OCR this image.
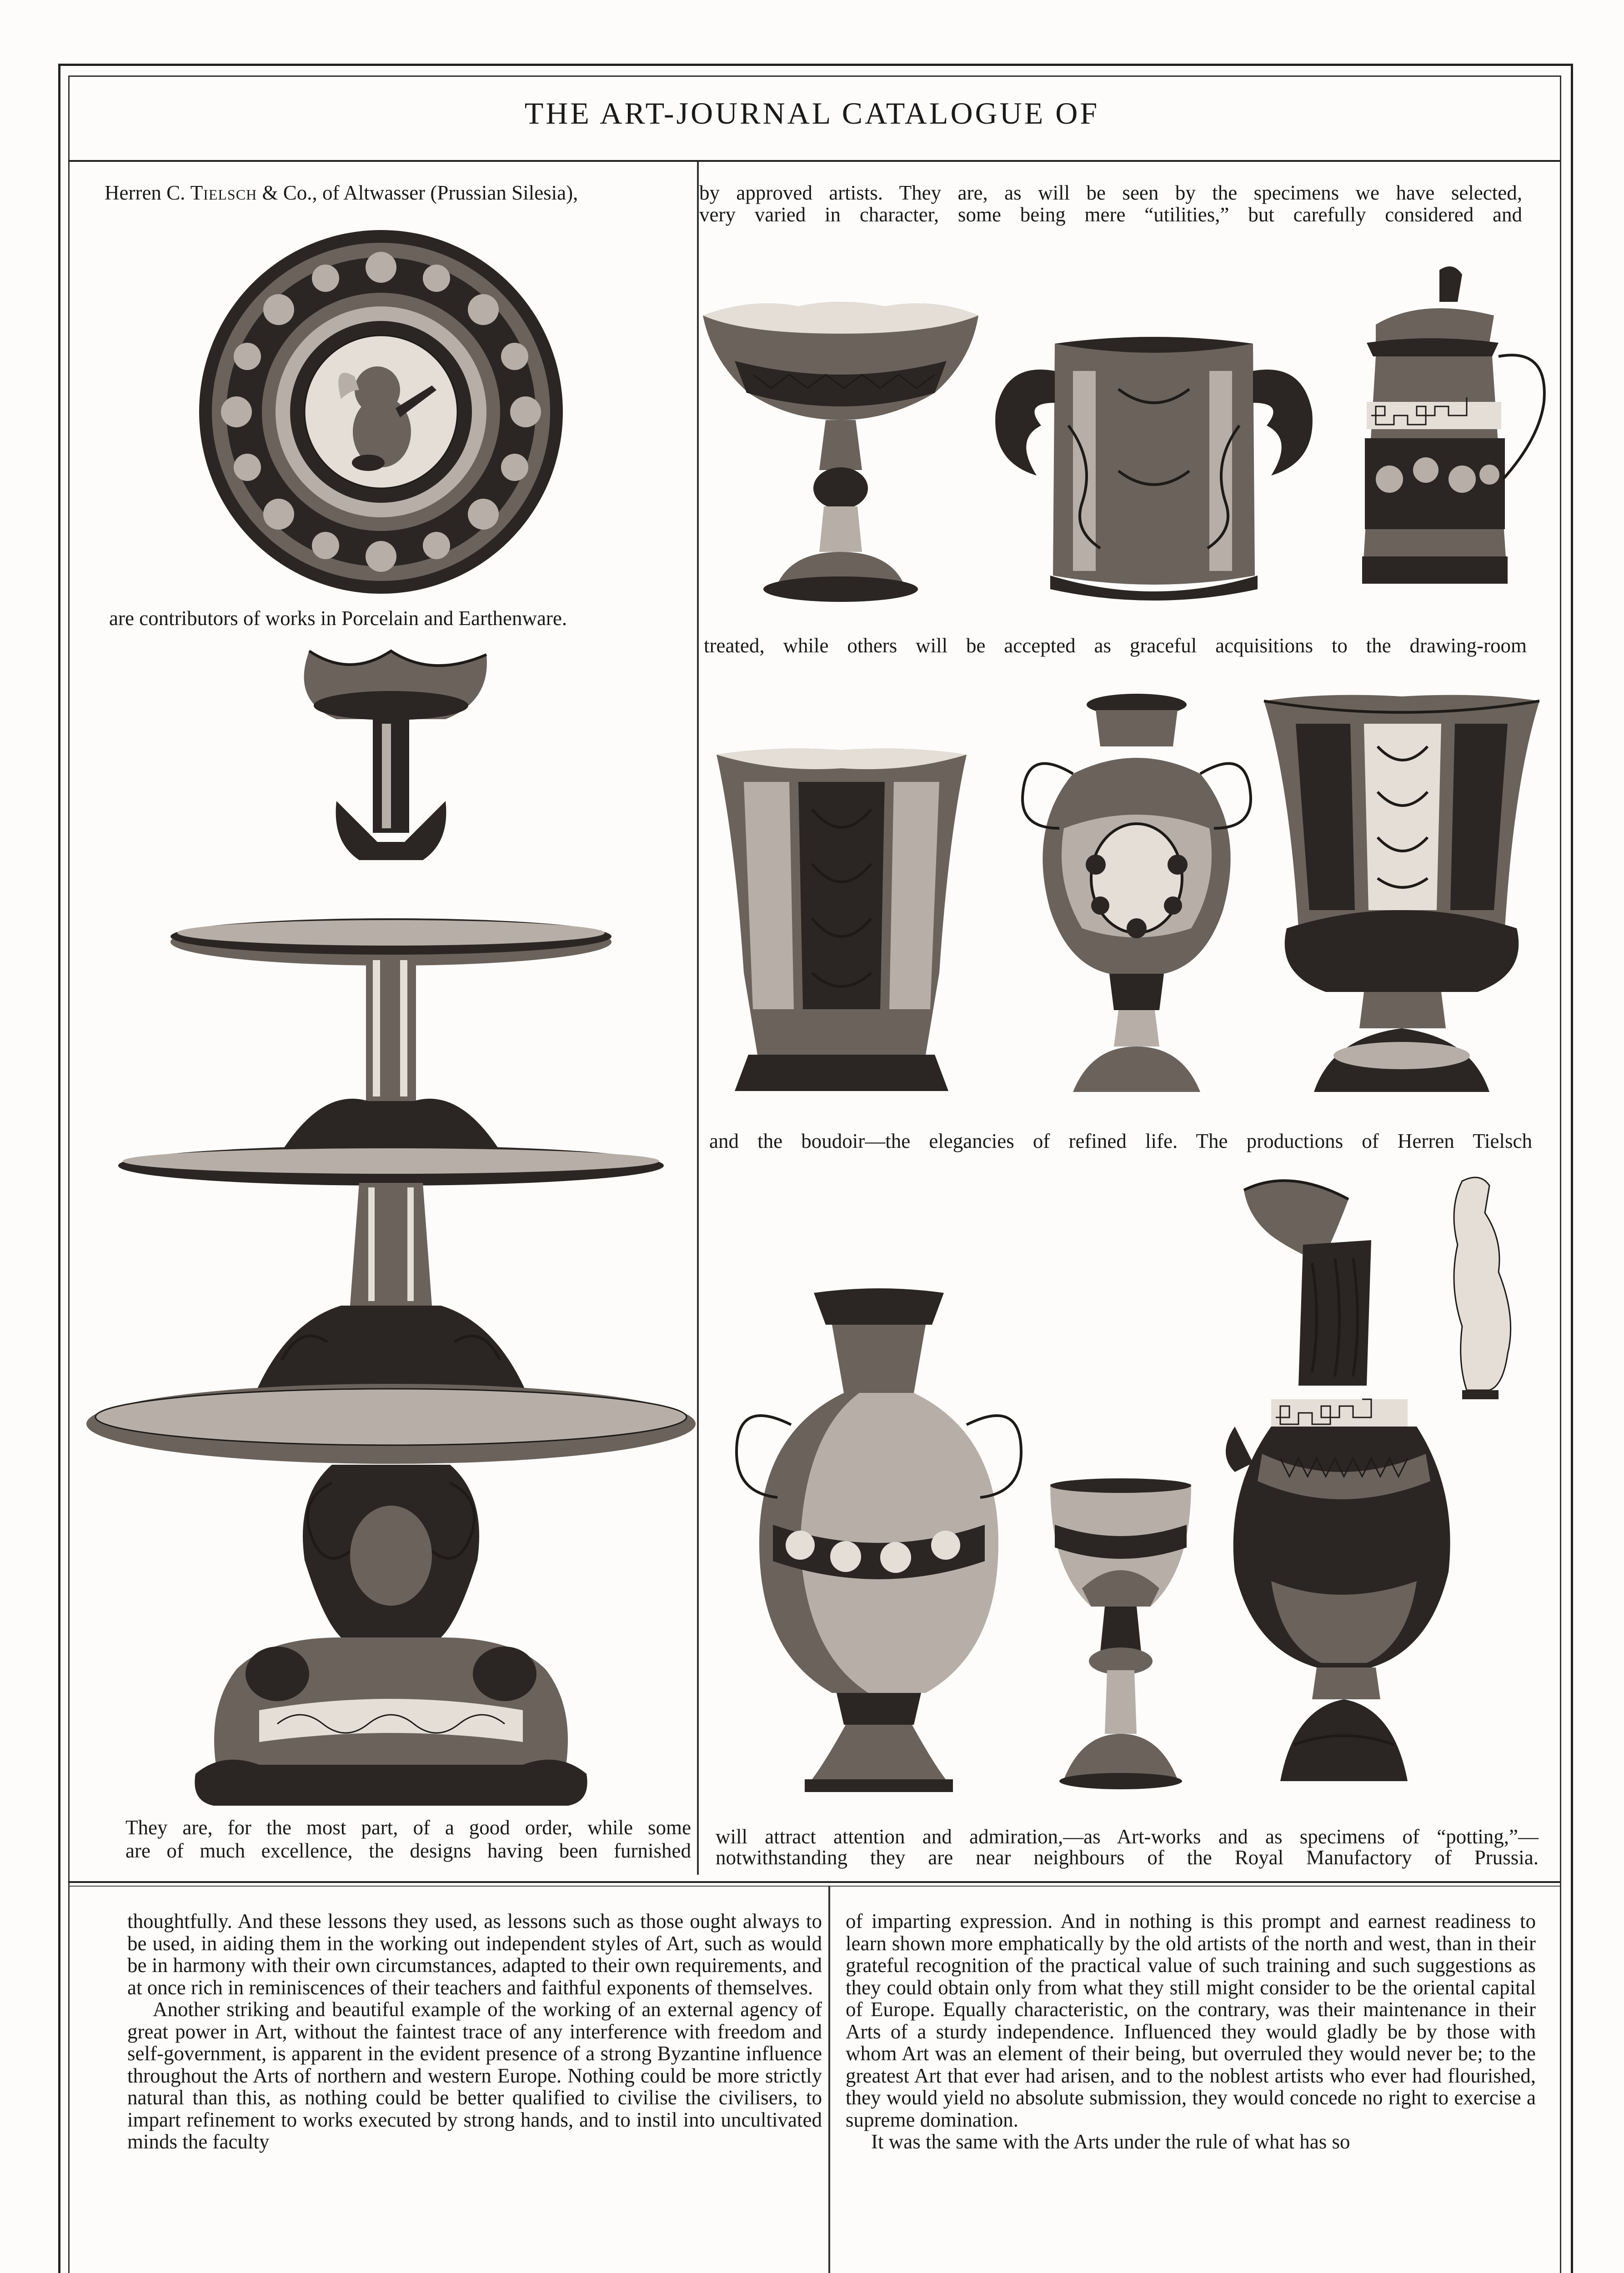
THE ART-JOURNAL CATALOGUE OF
Herren C. Tielsch & Co., of Altwasser (Prussian Silesia),
are contributors of works in Porcelain and Earthenware.
They are, for the most part, of a good order, while some
are of much excellence, the designs having been furnished
by approved artists. They are, as will be seen by the specimens we have selected,
very varied in character, some being mere “utilities,” but carefully considered and
treated, while others will be accepted as graceful acquisitions to the drawing-room
and the boudoir—the elegancies of refined life. The productions of Herren Tielsch
will attract attention and admiration,—as Art-works and as specimens of “potting,”—
notwithstanding they are near neighbours of the Royal Manufactory of Prussia.

thoughtfully. And these lessons they used, as lessons such as those ought always to be used, in aiding them in the working out independent styles of Art, such as would be in harmony with their own circumstances, adapted to their own requirements, and at once rich in reminiscences of their teachers and faithful exponents of themselves.

Another striking and beautiful example of the working of an external agency of great power in Art, without the faintest trace of any interference with freedom and self-government, is apparent in the evident presence of a strong Byzantine influence throughout the Arts of northern and western Europe. Nothing could be more strictly natural than this, as nothing could be better qualified to civilise the civilisers, to impart refinement to works executed by strong hands, and to instil into uncultivated minds the faculty

of imparting expression. And in nothing is this prompt and earnest readiness to learn shown more emphatically by the old artists of the north and west, than in their grateful recognition of the practical value of such training and such suggestions as they could obtain only from what they still might consider to be the oriental capital of Europe. Equally characteristic, on the contrary, was their maintenance in their Arts of a sturdy independence. Influenced they would gladly be by those with whom Art was an element of their being, but overruled they would never be; to the greatest Art that ever had arisen, and to the noblest artists who ever had flourished, they would yield no absolute submission, they would concede no right to exercise a supreme domination.

It was the same with the Arts under the rule of what has so
